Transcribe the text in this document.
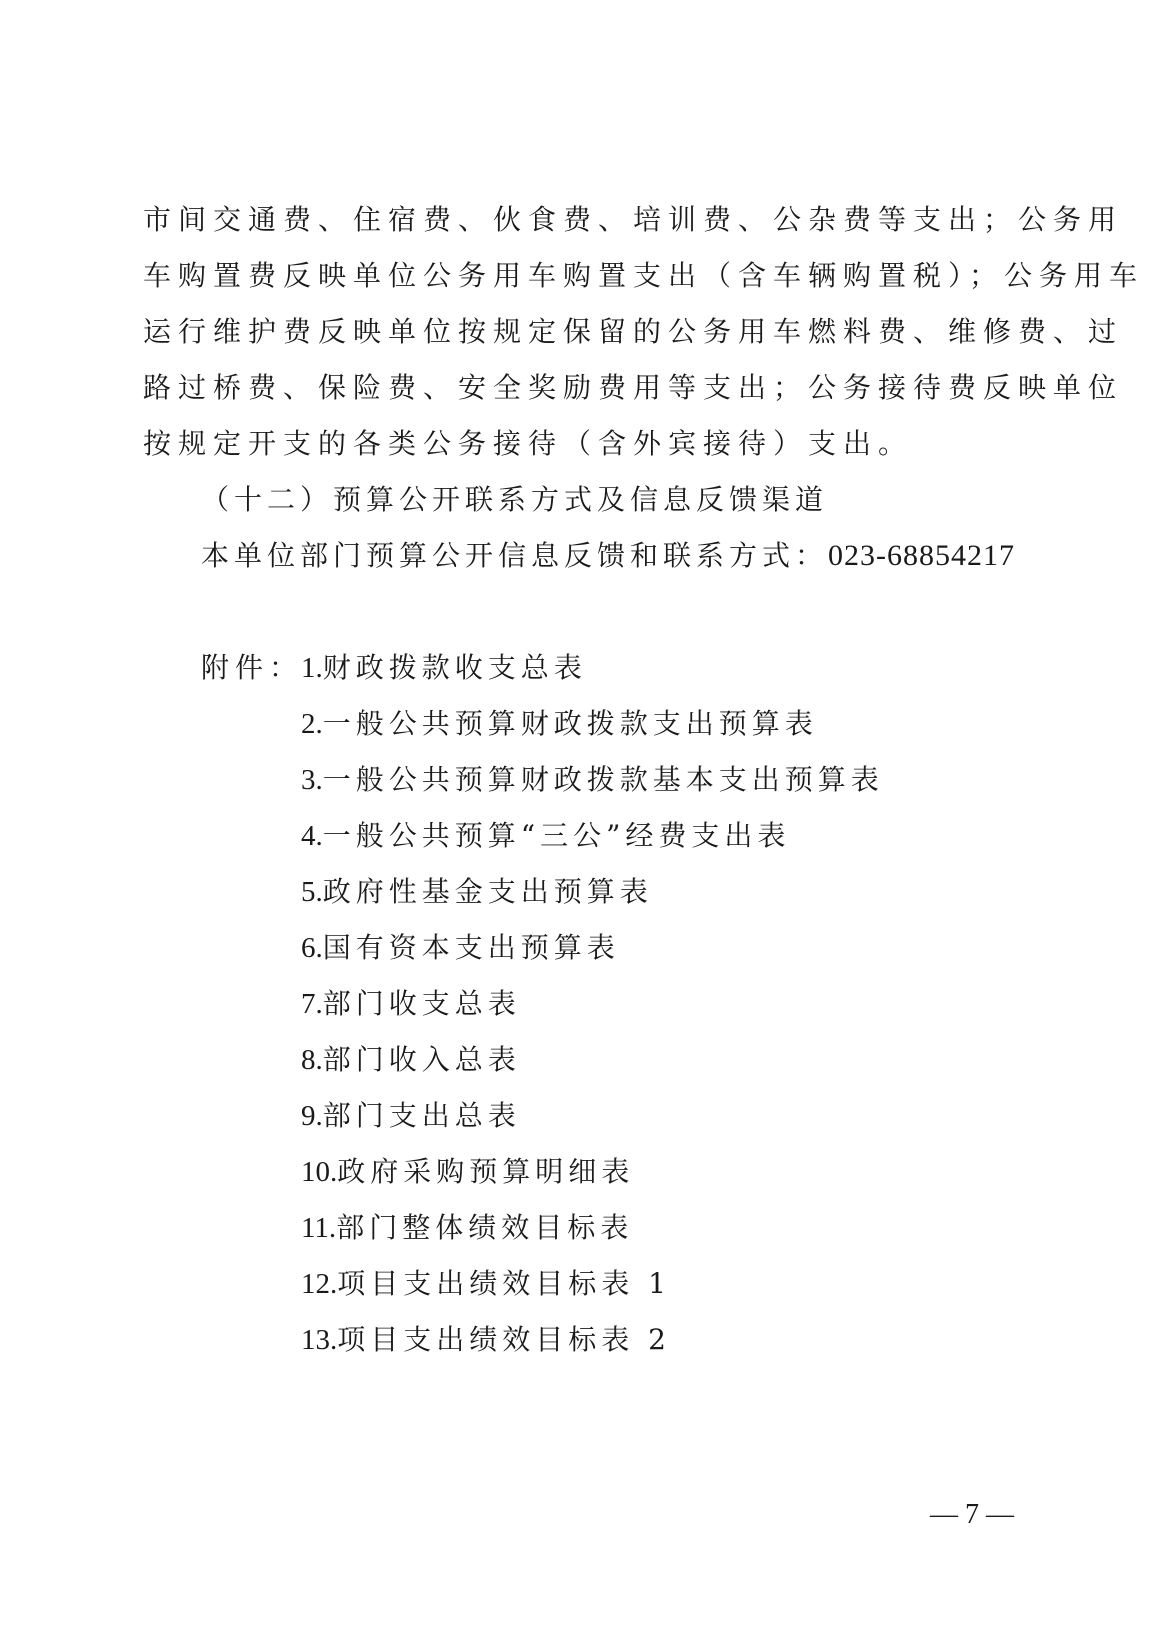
市间交通费、住宿费、伙食费、培训费、公杂费等支出；公务用
车购置费反映单位公务用车购置支出（含车辆购置税）；公务用车
运行维护费反映单位按规定保留的公务用车燃料费、维修费、过
路过桥费、保险费、安全奖励费用等支出；公务接待费反映单位
按规定开支的各类公务接待（含外宾接待）支出。
（十二）预算公开联系方式及信息反馈渠道
本单位部门预算公开信息反馈和联系方式：023-68854217
附件：
1.财政拨款收支总表
2.一般公共预算财政拨款支出预算表
3.一般公共预算财政拨款基本支出预算表
4.一般公共预算“三公”经费支出表
5.政府性基金支出预算表
6.国有资本支出预算表
7.部门收支总表
8.部门收入总表
9.部门支出总表
10.政府采购预算明细表
11.部门整体绩效目标表
12.项目支出绩效目标表 1
13.项目支出绩效目标表 2
— 7 —
